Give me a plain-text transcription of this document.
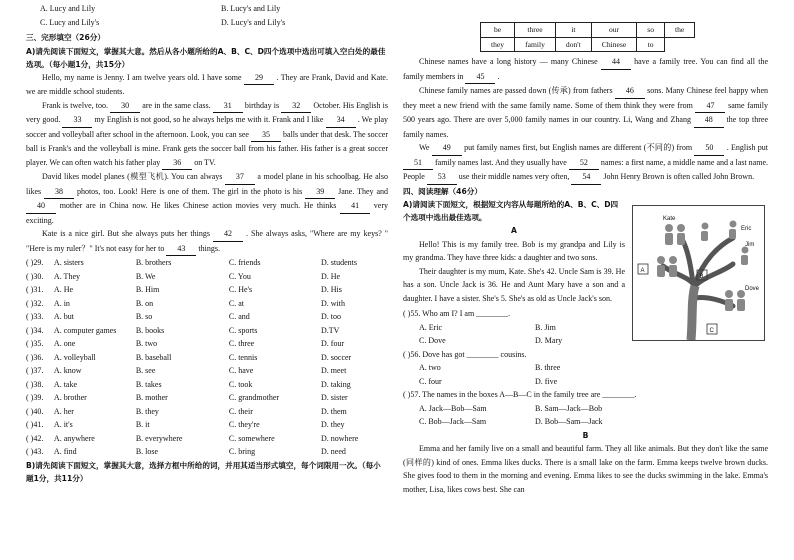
A. Lucy and Lily	B. Lucy's and Lily
C. Lucy and Lily's	D. Lucy's and Lily's
三、完形填空（26分）
A)请先阅读下面短文，掌握其大意。然后从各小题所给的A、B、C、D四个选项中选出可填入空白处的最佳选项。（每小题1分，共15分）

Hello, my name is Jenny. I am twelve years old. I have some 29 . They are Frank, David and Kate. we are middle school students.

Frank is twelve, too. 30 are in the same class. 31 birthday is 32 October. His English is very good. 33 my English is not good, so he always helps me with it. Frank and I like 34 . We play soccer and volleyball after school in the afternoon. Look, you can see 35 balls under that desk. The soccer ball is Frank's and the volleyball is mine. Frank gets the soccer ball from his father. His father is a great soccer player. We can often watch his father play 36 on TV.

David likes model planes (模型飞机). You can always 37 a model plane in his schoolbag. He also likes 38 photos, too. Look! Here is one of them. The girl in the photo is his 39 Jane. They and 40 mother are in China now. He likes Chinese action movies very much. He thinks 41 very exciting.

Kate is a nice girl. But she always puts her things 42 . She always asks, "Where are my keys? " "Here is my ruler？" It's not easy for her to 43 things.

( )29.	A. sisters	B. brothers	C. friends	D. students
( )30.	A. They	B. We	C. You	D. He
( )31.	A. He	B. Him	C. He's	D. His
( )32.	A. in	B. on	C. at	D. with
( )33.	A. but	B. so	C. and	D. too
( )34.	A. computer games	B. books	C. sports	D.TV
( )35.	A. one	B. two	C. three	D. four
( )36.	A. volleyball	B. baseball	C. tennis	D. soccer
( )37.	A. know	B. see	C. have	D. meet
( )38.	A. take	B. takes	C. took	D. taking
( )39.	A. brother	B. mother	C. grandmother	D. sister
( )40.	A. her	B. they	C. their	D. them
( )41.	A. it's	B. it	C. they're	D. they
( )42.	A. anywhere	B. everywhere	C. somewhere	D. nowhere
( )43.	A. find	B. lose	C. bring	D. need
B)请先阅读下面短文，掌握其大意，选择方框中所给的词，并用其适当形式填空，每个词限用一次。（每小题1分，共11分）
be	three	it	our	so	the
they	family	don't	Chinese	to	

Chinese names have a long history — many Chinese 44 have a family tree. You can find all the family members in 45 .

Chinese family names are passed down (传承) from fathers 46 sons. Many Chinese feel happy when they meet a new friend with the same family name. Some of them think they were from 47 same family 500 years ago. There are over 5,000 family names in our country. Li, Wang and Zhang 48 the top three family names.

We 49 put family names first, but English names are different (不同的) from 50 . English put 51 family names last. And they usually have 52 names: a first name, a middle name and a last name. People 53 use their middle names very often, 54 John Henry Brown is often called John Brown.

四、阅读理解（46分）
A)请阅读下面短文，根据短文内容从每题所给的A、B、C、D四个选项中选出最佳选项。
A

Hello! This is my family tree. Bob is my grandpa and Lily is my grandma. They have three kids: a daughter and two sons.

Their daughter is my mum, Kate. She's 42. Uncle Sam is 39. He has a son. Uncle Jack is 36. He and Aunt Mary have a son and a daughter. I have a sister. She's 5. She's as old as Uncle Jack's son.

( )55. Who am I? I am ________.
A. Eric	B. Jim
C. Dove	D. Mary
( )56. Dove has got ________ cousins.
A. two	B. three
C. four	D. five
( )57. The names in the boxes A—B—C in the family tree are ________.
A. Jack—Bob—Sam	B. Sam—Jack—Bob
C. Bob—Jack—Sam	D. Bob—Sam—Jack
B

Emma and her family live on a small and beautiful farm. They all like animals. But they don't like the same (同样的) kind of ones. Emma likes ducks. There is a small lake on the farm. Emma keeps twelve brown ducks. She gives food to them in the morning and evening. Emma likes to see the ducks swimming in the lake. Emma's mother, Lisa, likes cows best. She can

Kate
Eric
Jim
Dove
A
B
C
